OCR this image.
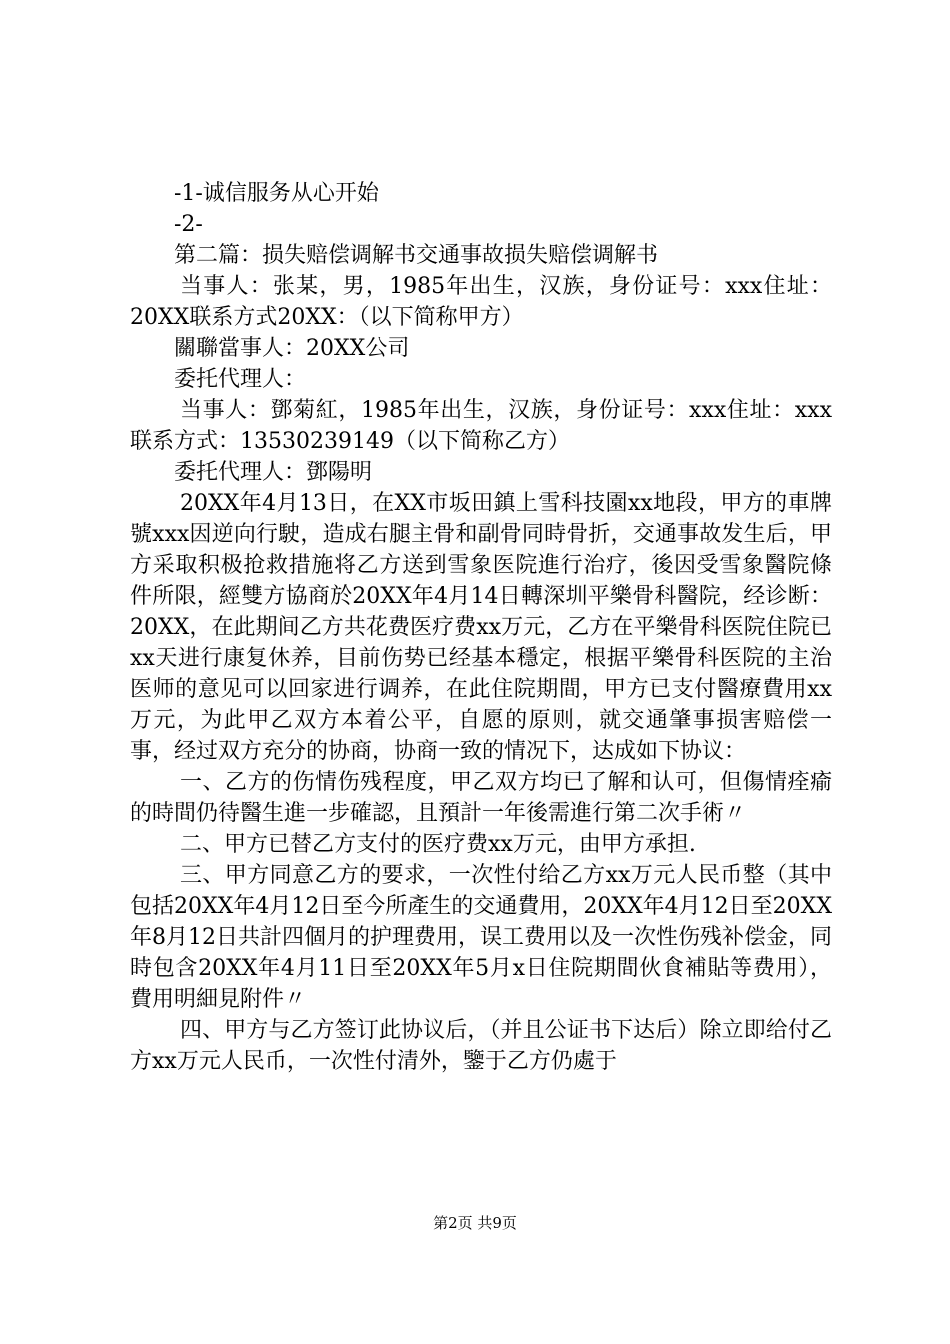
-1-诚信服务从心开始

-2-

第二篇：损失赔偿调解书交通事故损失赔偿调解书

当事人：张某，男，1985年出生，汉族，身份证号：xxx住址：20XX联系方式20XX：（以下简称甲方）

關聯當事人：20XX公司

委托代理人：

当事人：鄧菊紅，1985年出生，汉族，身份证号：xxx住址：xxx联系方式：13530239149（以下简称乙方）

委托代理人：鄧陽明

20XX年4月13日，在XX市坂田鎮上雪科技園xx地段，甲方的車牌號xxx因逆向行駛，造成右腿主骨和副骨同時骨折，交通事故发生后，甲方采取积极抢救措施将乙方送到雪象医院進行治疗，後因受雪象醫院條件所限，經雙方協商於20XX年4月14日轉深圳平樂骨科醫院，经诊断：20XX，在此期间乙方共花费医疗费xx万元，乙方在平樂骨科医院住院已xx天进行康复休养，目前伤势已经基本穩定，根据平樂骨科医院的主治医师的意见可以回家进行调养，在此住院期間，甲方已支付醫療費用xx万元，为此甲乙双方本着公平，自愿的原则，就交通肇事损害赔偿一事，经过双方充分的协商，协商一致的情况下，达成如下协议：

一、乙方的伤情伤残程度，甲乙双方均已了解和认可，但傷情痊瘉的時間仍待醫生進一步確認，且預計一年後需進行第二次手術〃

二、甲方已替乙方支付的医疗费xx万元，由甲方承担.

三、甲方同意乙方的要求，一次性付给乙方xx万元人民币整（其中包括20XX年4月12日至今所產生的交通費用，20XX年4月12日至20XX年8月12日共計四個月的护理费用，误工费用以及一次性伤残补偿金，同時包含20XX年4月11日至20XX年5月x日住院期間伙食補貼等费用），費用明細見附件〃

四、甲方与乙方签订此协议后，（并且公证书下达后）除立即给付乙方xx万元人民币，一次性付清外，鑒于乙方仍處于

第2页 共9页
